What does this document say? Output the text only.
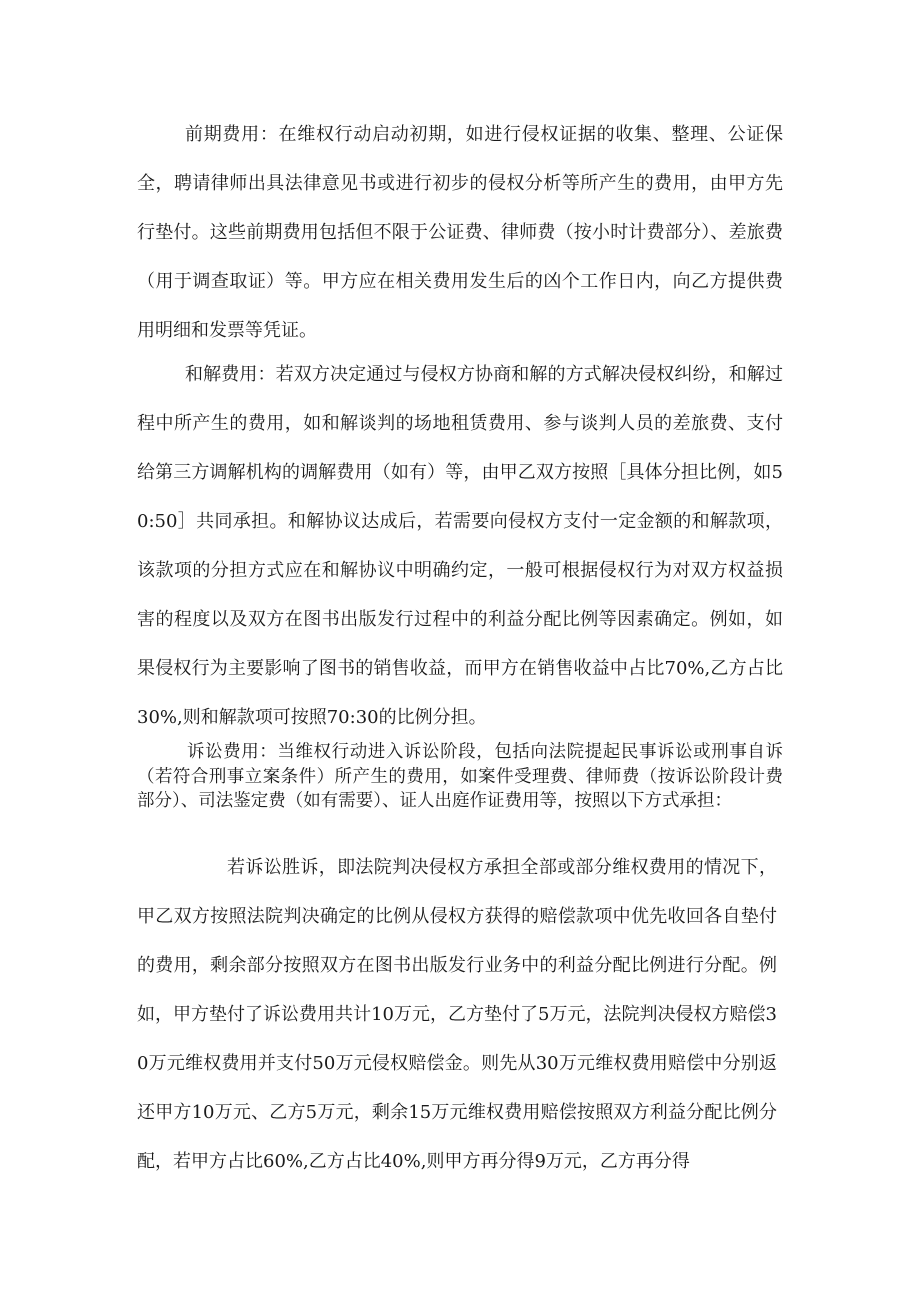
前期费用：在维权行动启动初期，如进行侵权证据的收集、整理、公证保全，聘请律师出具法律意见书或进行初步的侵权分析等所产生的费用，由甲方先行垫付。这些前期费用包括但不限于公证费、律师费（按小时计费部分）、差旅费（用于调查取证）等。甲方应在相关费用发生后的凶个工作日内，向乙方提供费用明细和发票等凭证。

和解费用：若双方决定通过与侵权方协商和解的方式解决侵权纠纷，和解过程中所产生的费用，如和解谈判的场地租赁费用、参与谈判人员的差旅费、支付给第三方调解机构的调解费用（如有）等，由甲乙双方按照［具体分担比例，如50:50］共同承担。和解协议达成后，若需要向侵权方支付一定金额的和解款项，该款项的分担方式应在和解协议中明确约定，一般可根据侵权行为对双方权益损害的程度以及双方在图书出版发行过程中的利益分配比例等因素确定。例如，如果侵权行为主要影响了图书的销售收益，而甲方在销售收益中占比70%,乙方占比30%,则和解款项可按照70:30的比例分担。

诉讼费用：当维权行动进入诉讼阶段，包括向法院提起民事诉讼或刑事自诉（若符合刑事立案条件）所产生的费用，如案件受理费、律师费（按诉讼阶段计费部分）、司法鉴定费（如有需要）、证人出庭作证费用等，按照以下方式承担：

若诉讼胜诉，即法院判决侵权方承担全部或部分维权费用的情况下，甲乙双方按照法院判决确定的比例从侵权方获得的赔偿款项中优先收回各自垫付的费用，剩余部分按照双方在图书出版发行业务中的利益分配比例进行分配。例如，甲方垫付了诉讼费用共计10万元，乙方垫付了5万元，法院判决侵权方赔偿30万元维权费用并支付50万元侵权赔偿金。则先从30万元维权费用赔偿中分别返还甲方10万元、乙方5万元，剩余15万元维权费用赔偿按照双方利益分配比例分配，若甲方占比60%,乙方占比40%,则甲方再分得9万元，乙方再分得
